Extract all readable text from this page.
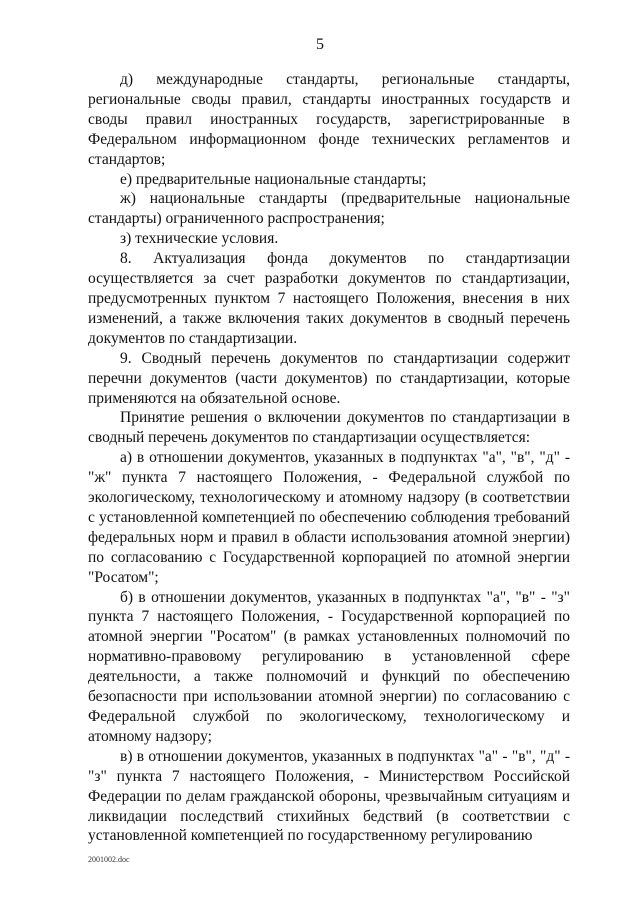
5

д) международные стандарты, региональные стандарты, региональные своды правил, стандарты иностранных государств и своды правил иностранных государств, зарегистрированные в Федеральном информационном фонде технических регламентов и стандартов;

е) предварительные национальные стандарты;

ж) национальные стандарты (предварительные национальные стандарты) ограниченного распространения;

з) технические условия.

8. Актуализация фонда документов по стандартизации осуществляется за счет разработки документов по стандартизации, предусмотренных пунктом 7 настоящего Положения, внесения в них изменений, а также включения таких документов в сводный перечень документов по стандартизации.

9. Сводный перечень документов по стандартизации содержит перечни документов (части документов) по стандартизации, которые применяются на обязательной основе.

Принятие решения о включении документов по стандартизации в сводный перечень документов по стандартизации осуществляется:

а) в отношении документов, указанных в подпунктах "а", "в", "д" - "ж" пункта 7 настоящего Положения, - Федеральной службой по экологическому, технологическому и атомному надзору (в соответствии с установленной компетенцией по обеспечению соблюдения требований федеральных норм и правил в области использования атомной энергии) по согласованию с Государственной корпорацией по атомной энергии "Росатом";

б) в отношении документов, указанных в подпунктах "а", "в" - "з" пункта 7 настоящего Положения, - Государственной корпорацией по атомной энергии "Росатом" (в рамках установленных полномочий по нормативно-правовому регулированию в установленной сфере деятельности, а также полномочий и функций по обеспечению безопасности при использовании атомной энергии) по согласованию с Федеральной службой по экологическому, технологическому и атомному надзору;

в) в отношении документов, указанных в подпунктах "а" - "в", "д" - "з" пункта 7 настоящего Положения, - Министерством Российской Федерации по делам гражданской обороны, чрезвычайным ситуациям и ликвидации последствий стихийных бедствий (в соответствии с установленной компетенцией по государственному регулированию

2001002.doc
